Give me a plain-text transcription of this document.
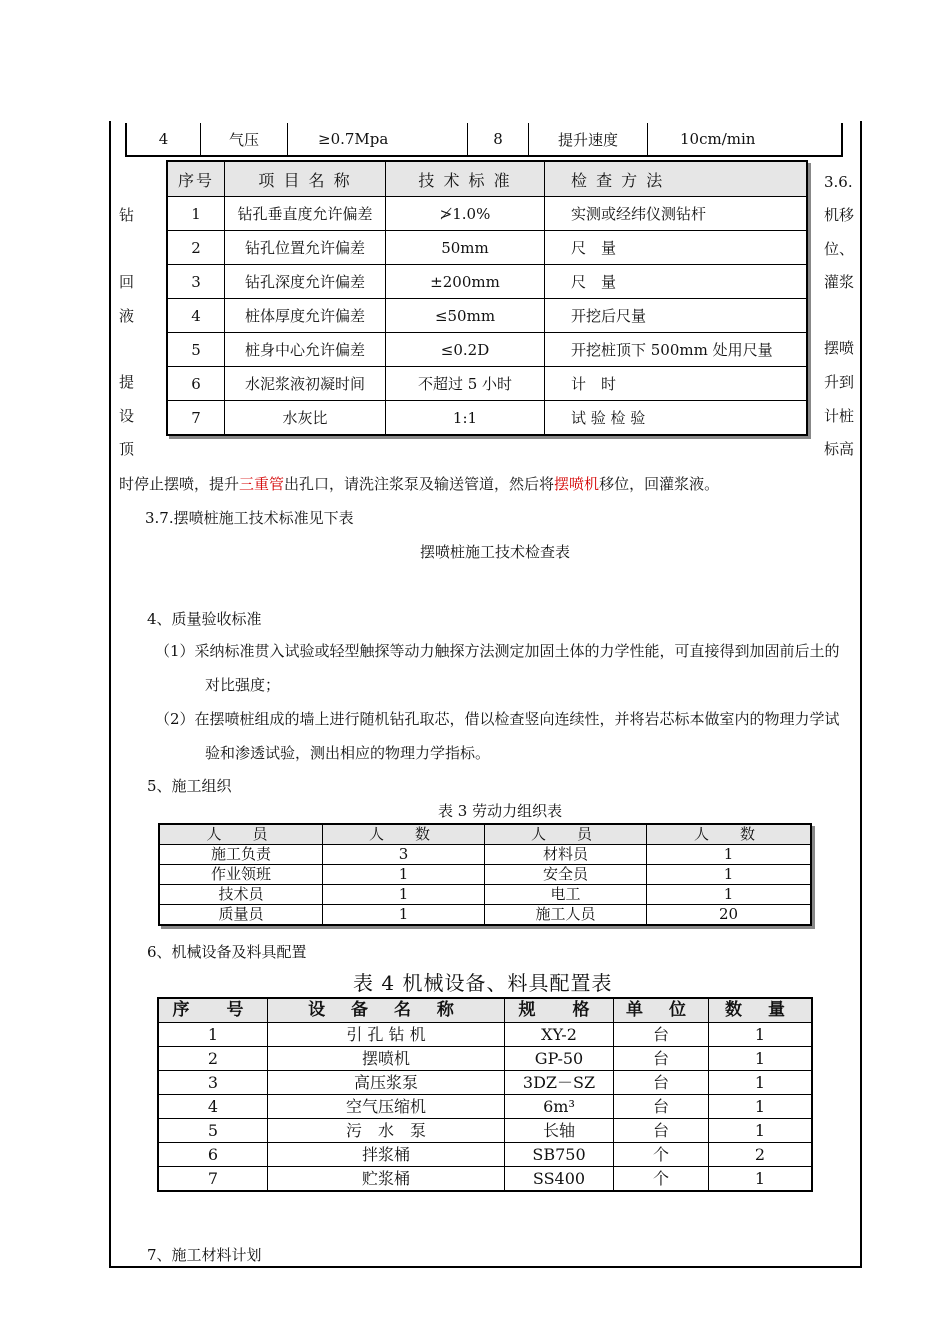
4	气压	≥0.7Mpa	8	提升速度	10cm/min
钻
回
液
提
设
顶
3.6.
机移
位、
灌浆
摆喷
升到
计桩
标高
序号	项 目 名 称	技 术 标 准	检 查 方 法
1	钻孔垂直度允许偏差	≯1.0%	实测或经纬仪测钻杆
2	钻孔位置允许偏差	50mm	尺　量
3	钻孔深度允许偏差	±200mm	尺　量
4	桩体厚度允许偏差	≤50mm	开挖后尺量
5	桩身中心允许偏差	≤0.2D	开挖桩顶下 500mm 处用尺量
6	水泥浆液初凝时间	不超过 5 小时	计　时
7	水灰比	1:1	试 验 检 验
时停止摆喷，提升三重管出孔口，请洗注浆泵及输送管道，然后将摆喷机移位，回灌浆液。
3.7.摆喷桩施工技术标准见下表
摆喷桩施工技术检查表
4、质量验收标准
（1）采纳标准贯入试验或轻型触探等动力触探方法测定加固土体的力学性能，可直接得到加固前后土的
对比强度；
（2）在摆喷桩组成的墙上进行随机钻孔取芯，借以检查竖向连续性，并将岩芯标本做室内的物理力学试
验和渗透试验，测出相应的物理力学指标。
5、施工组织
表 3 劳动力组织表
人　员	人　数	人　员	人　数
施工负责	3	材料员	1
作业领班	1	安全员	1
技术员	1	电工	1
质量员	1	施工人员	20
6、机械设备及料具配置
表 4 机械设备、料具配置表
序　号	设 备 名 称	规　格	单 位	数 量
1	引 孔 钻 机	XY-2	台	1
2	摆喷机	GP-50	台	1
3	高压浆泵	3DZ－SZ	台	1
4	空气压缩机	6m³	台	1
5	污　水　泵	长轴	台	1
6	拌浆桶	SB750	个	2
7	贮浆桶	SS400	个	1
7、施工材料计划
